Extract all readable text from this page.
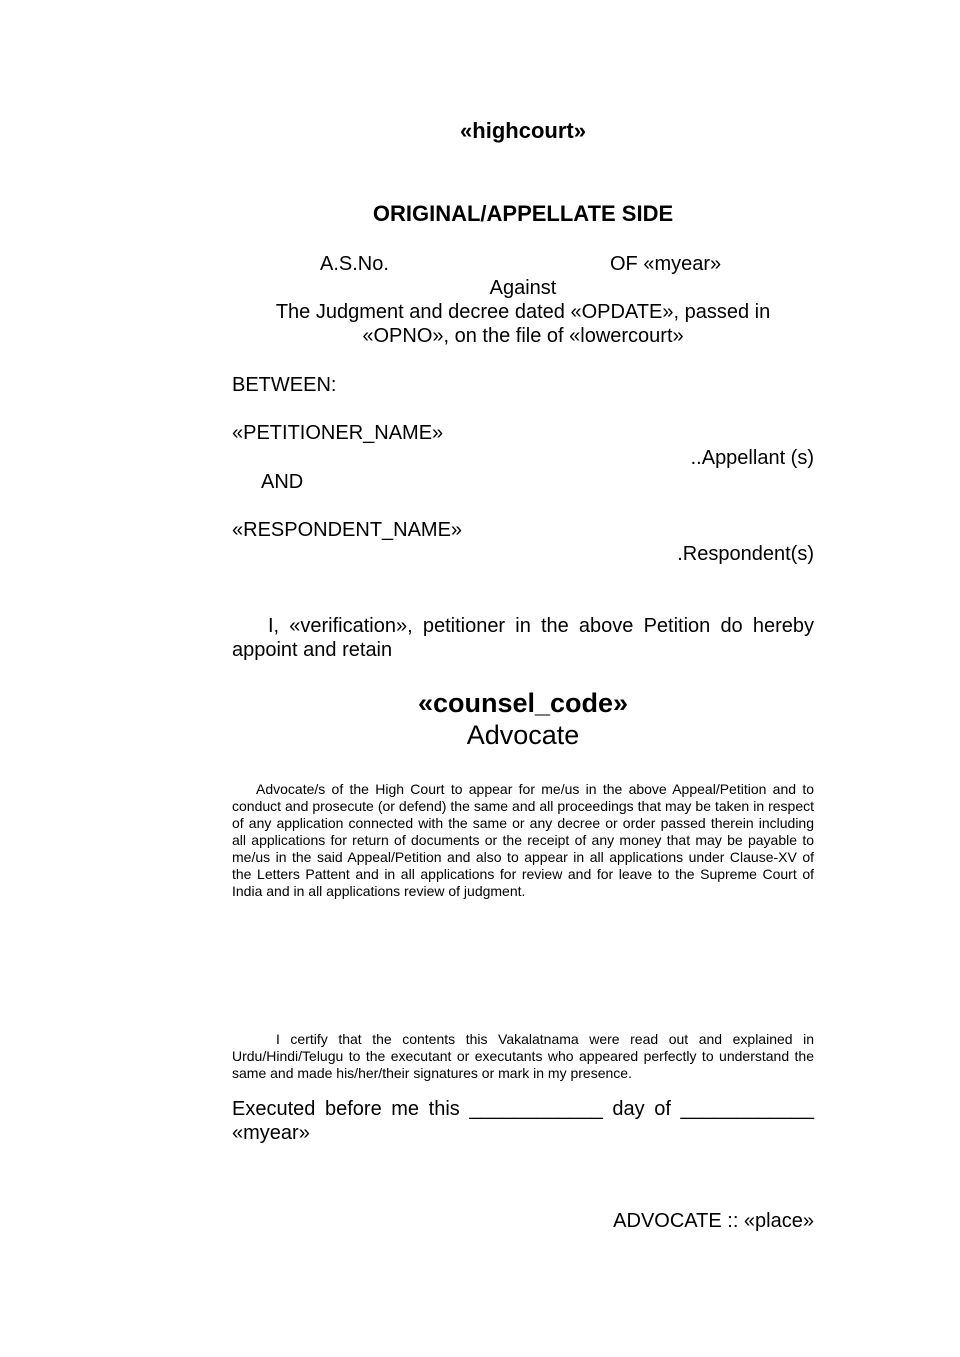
«highcourt»
ORIGINAL/APPELLATE SIDE
A.S.No.	OF «myear»
Against
The Judgment and decree dated «OPDATE», passed in
«OPNO», on the file of «lowercourt»
BETWEEN:
«PETITIONER_NAME»
..Appellant (s)
AND
«RESPONDENT_NAME»
.Respondent(s)
I, «verification», petitioner in the above Petition do hereby
appoint and retain
«counsel_code»
Advocate
Advocate/s of the High Court to appear for me/us in the above Appeal/Petition and to conduct and prosecute (or defend) the same and all proceedings that may be taken in respect of any application connected with the same or any decree or order passed therein including all applications for return of documents or the receipt of any money that may be payable to me/us in the said Appeal/Petition and also to appear in all applications under Clause-XV of the Letters Pattent and in all applications for review and for leave to the Supreme Court of India and in all applications review of judgment.
I certify that the contents this Vakalatnama were read out and explained in Urdu/Hindi/Telugu to the executant or executants who appeared perfectly to understand the same and made his/her/their signatures or mark in my presence.
Executed before me this ____________ day of ____________
«myear»
ADVOCATE :: «place»
